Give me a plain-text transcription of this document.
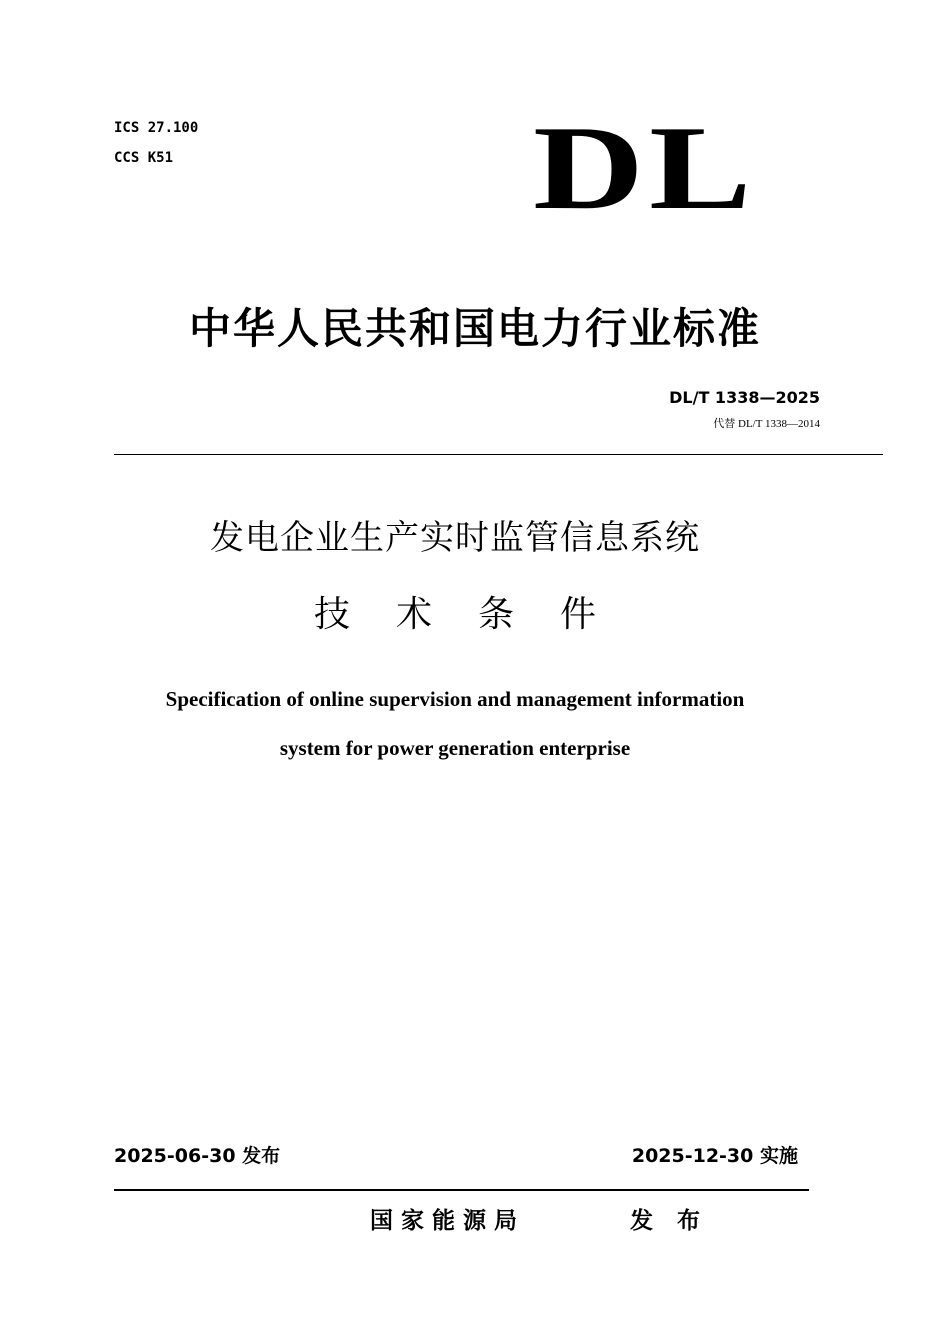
ICS 27.100
CCS K51	DL
中华人民共和国电力行业标准
DL/T 1338—2025
代替 DL/T 1338—2014
发电企业生产实时监管信息系统
技术条件
Specification of online supervision and management information
system for power generation enterprise
2025-06-30 发布	2025-12-30 实施
国家能源局	发布
